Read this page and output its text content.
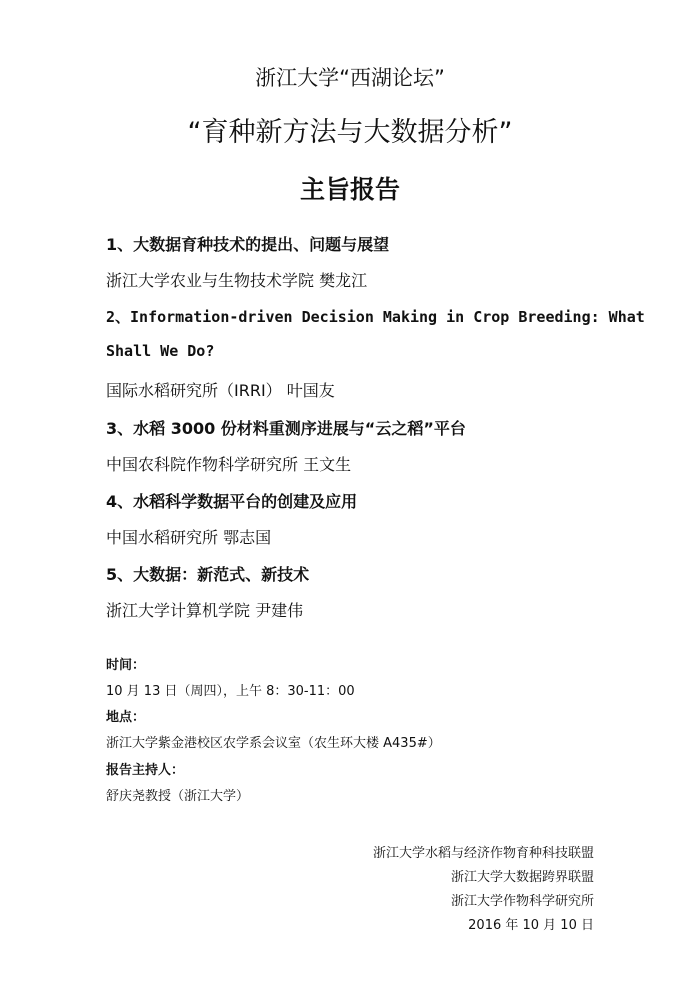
浙江大学“西湖论坛”
“育种新方法与大数据分析”
主旨报告
1、大数据育种技术的提出、问题与展望
浙江大学农业与生物技术学院 樊龙江
2、Information-driven Decision Making in Crop Breeding: What
Shall We Do?
国际水稻研究所（IRRI） 叶国友
3、水稻 3000 份材料重测序进展与“云之稻”平台
中国农科院作物科学研究所 王文生
4、水稻科学数据平台的创建及应用
中国水稻研究所 鄂志国
5、大数据：新范式、新技术
浙江大学计算机学院 尹建伟
时间：
10 月 13 日（周四），上午 8：30-11：00
地点：
浙江大学紫金港校区农学系会议室（农生环大楼 A435#）
报告主持人：
舒庆尧教授（浙江大学）
浙江大学水稻与经济作物育种科技联盟
浙江大学大数据跨界联盟
浙江大学作物科学研究所
2016 年 10 月 10 日
